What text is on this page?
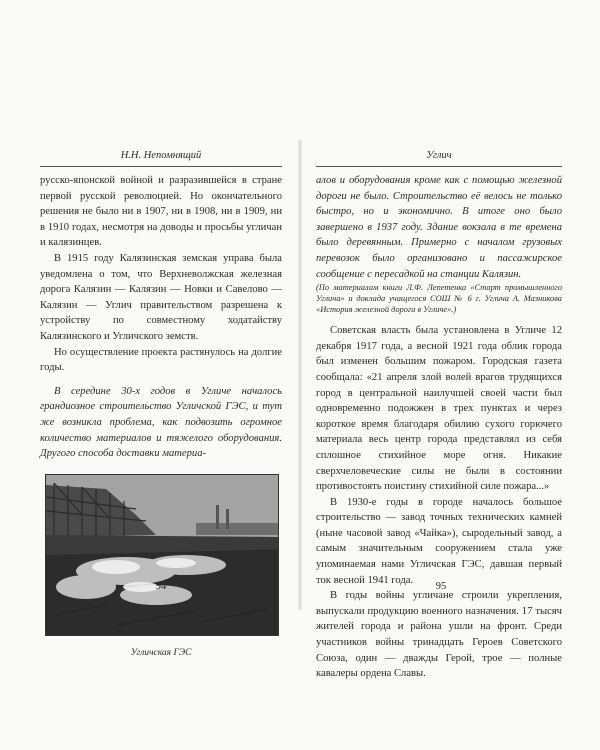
Н.Н. Непомнящий

русско-японской войной и разразившейся в стране первой русской революцией. Но окончательного решения не было ни в 1907, ни в 1908, ни в 1909, ни в 1910 годах, несмотря на доводы и просьбы угличан и калязинцев.

В 1915 году Калязинская земская управа была уведомлена о том, что Верхневолжская железная дорога Калязин — Калязин — Новки и Савелово — Калязин — Углич правительством разрешена к устройству по совместному ходатайству Калязинского и Угличского земств.

Но осуществление проекта растянулось на долгие годы.

В середине 30-х годов в Угличе началось грандиозное строительство Угличской ГЭС, и тут же возникла проблема, как подвозить огромное количество материалов и тяжелого оборудования. Другого способа доставки материа-

Угличская ГЭС
94
Углич

алов и оборудования кроме как с помощью железной дороги не было. Строительство её велось не только быстро, но и экономично. В итоге оно было завершено в 1937 году. Здание вокзала в те времена было деревянным. Примерно с началом грузовых перевозок было организовано и пассажирское сообщение с пересадкой на станции Калязин.

(По материалам книги Л.Ф. Лепетенка «Старт промышленного Углича» и доклада учащегося СОШ № 6 г. Углича А. Мазникова «История железной дороги в Угличе».)

Советская власть была установлена в Угличе 12 декабря 1917 года, а весной 1921 года облик города был изменен большим пожаром. Городская газета сообщала: «21 апреля злой волей врагов трудящихся город в центральной наилучшей своей части был одновременно подожжен в трех пунктах и через короткое время благодаря обилию сухого горючего материала весь центр города представлял из себя сплошное стихийное море огня. Никакие сверхчеловеческие силы не были в состоянии противостоять поистину стихийной силе пожара...»

В 1930-е годы в городе началось большое строительство — завод точных технических камней (ныне часовой завод «Чайка»), сыродельный завод, а самым значительным сооружением стала уже упоминаемая нами Угличская ГЭС, давшая первый ток весной 1941 года.

В годы войны угличане строили укрепления, выпускали продукцию военного назначения. 17 тысяч жителей города и района ушли на фронт. Среди участников войны тринадцать Героев Советского Союза, один — дважды Герой, трое — полные кавалеры ордена Славы.

95
